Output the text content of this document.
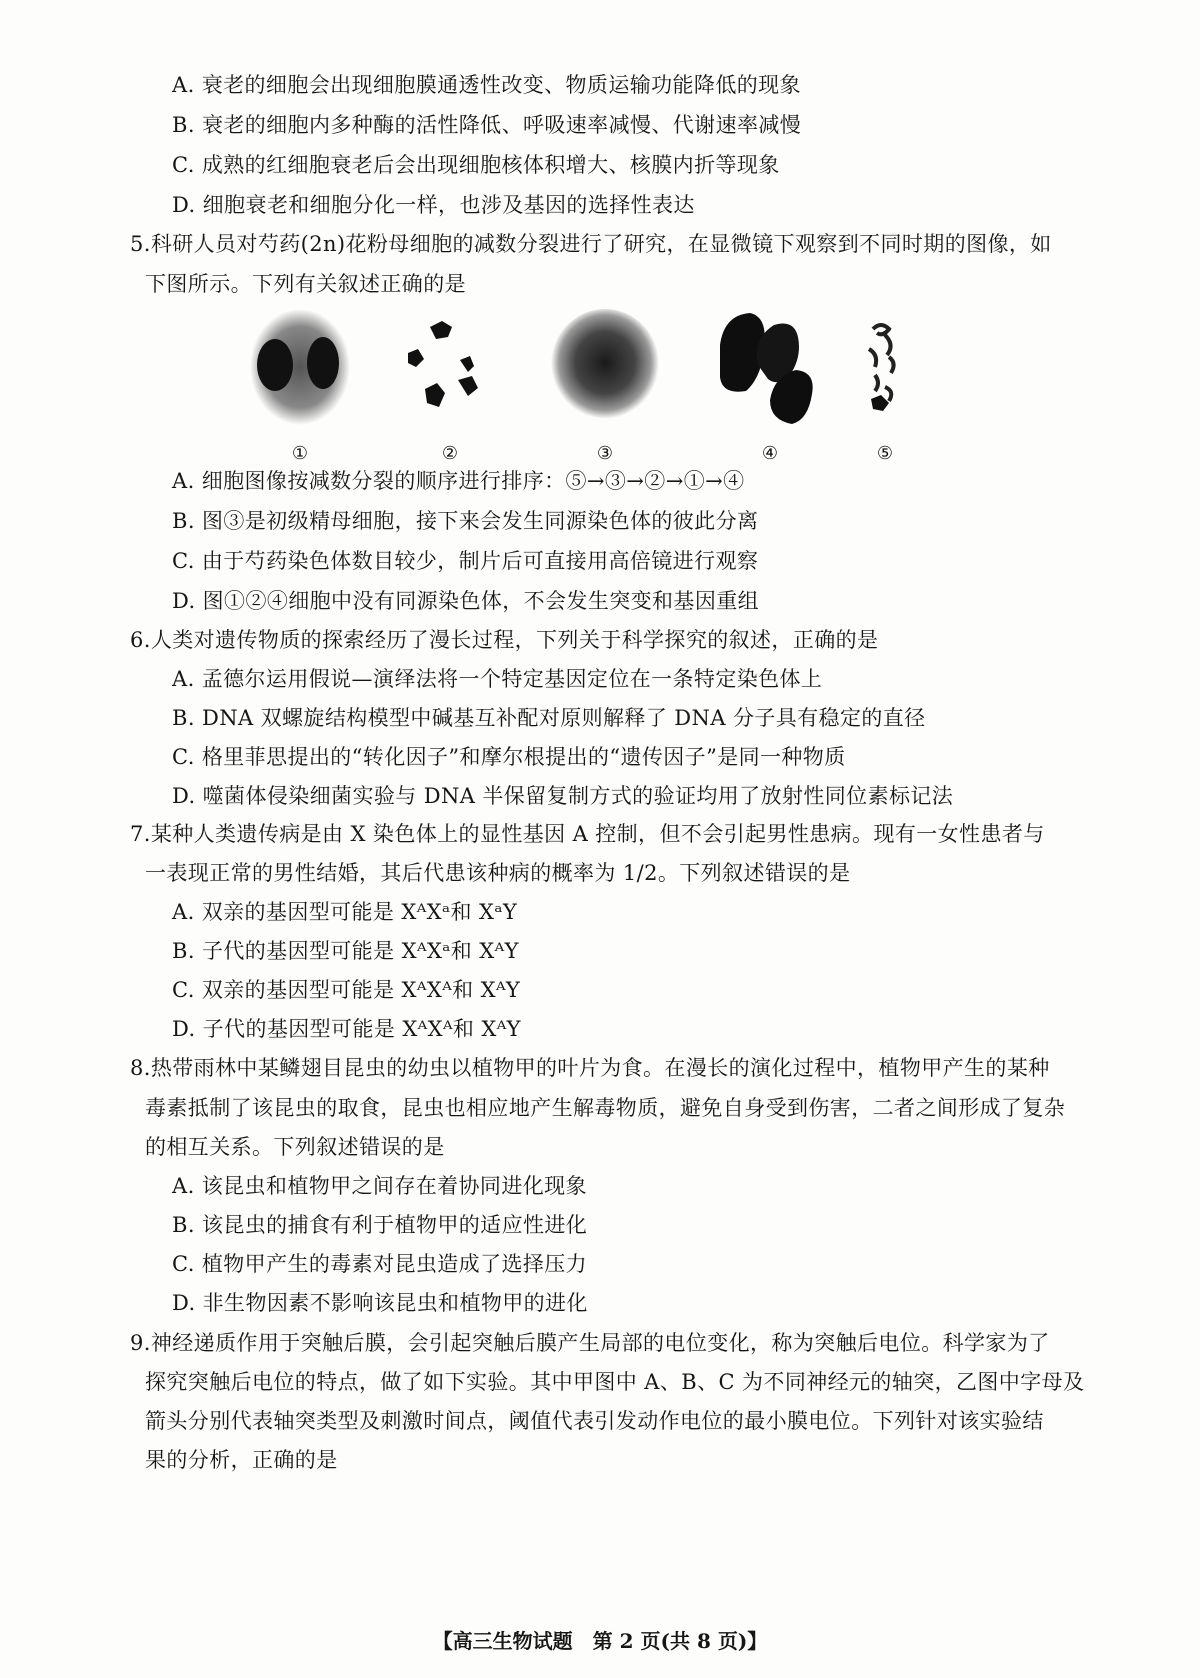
A. 衰老的细胞会出现细胞膜通透性改变、物质运输功能降低的现象
B. 衰老的细胞内多种酶的活性降低、呼吸速率减慢、代谢速率减慢
C. 成熟的红细胞衰老后会出现细胞核体积增大、核膜内折等现象
D. 细胞衰老和细胞分化一样，也涉及基因的选择性表达
5.科研人员对芍药(2n)花粉母细胞的减数分裂进行了研究，在显微镜下观察到不同时期的图像，如
下图所示。下列有关叙述正确的是
①	②	③	④	⑤
A. 细胞图像按减数分裂的顺序进行排序：⑤→③→②→①→④
B. 图③是初级精母细胞，接下来会发生同源染色体的彼此分离
C. 由于芍药染色体数目较少，制片后可直接用高倍镜进行观察
D. 图①②④细胞中没有同源染色体，不会发生突变和基因重组
6.人类对遗传物质的探索经历了漫长过程，下列关于科学探究的叙述，正确的是
A. 孟德尔运用假说—演绎法将一个特定基因定位在一条特定染色体上
B. DNA 双螺旋结构模型中碱基互补配对原则解释了 DNA 分子具有稳定的直径
C. 格里菲思提出的“转化因子”和摩尔根提出的“遗传因子”是同一种物质
D. 噬菌体侵染细菌实验与 DNA 半保留复制方式的验证均用了放射性同位素标记法
7.某种人类遗传病是由 X 染色体上的显性基因 A 控制，但不会引起男性患病。现有一女性患者与
一表现正常的男性结婚，其后代患该种病的概率为 1/2。下列叙述错误的是
A. 双亲的基因型可能是 XᴬXᵃ和 XᵃY
B. 子代的基因型可能是 XᴬXᵃ和 XᴬY
C. 双亲的基因型可能是 XᴬXᴬ和 XᴬY
D. 子代的基因型可能是 XᴬXᴬ和 XᴬY
8.热带雨林中某鳞翅目昆虫的幼虫以植物甲的叶片为食。在漫长的演化过程中，植物甲产生的某种
毒素抵制了该昆虫的取食，昆虫也相应地产生解毒物质，避免自身受到伤害，二者之间形成了复杂
的相互关系。下列叙述错误的是
A. 该昆虫和植物甲之间存在着协同进化现象
B. 该昆虫的捕食有利于植物甲的适应性进化
C. 植物甲产生的毒素对昆虫造成了选择压力
D. 非生物因素不影响该昆虫和植物甲的进化
9.神经递质作用于突触后膜，会引起突触后膜产生局部的电位变化，称为突触后电位。科学家为了
探究突触后电位的特点，做了如下实验。其中甲图中 A、B、C 为不同神经元的轴突，乙图中字母及
箭头分别代表轴突类型及刺激时间点，阈值代表引发动作电位的最小膜电位。下列针对该实验结
果的分析，正确的是
【高三生物试题　第 2 页(共 8 页)】
